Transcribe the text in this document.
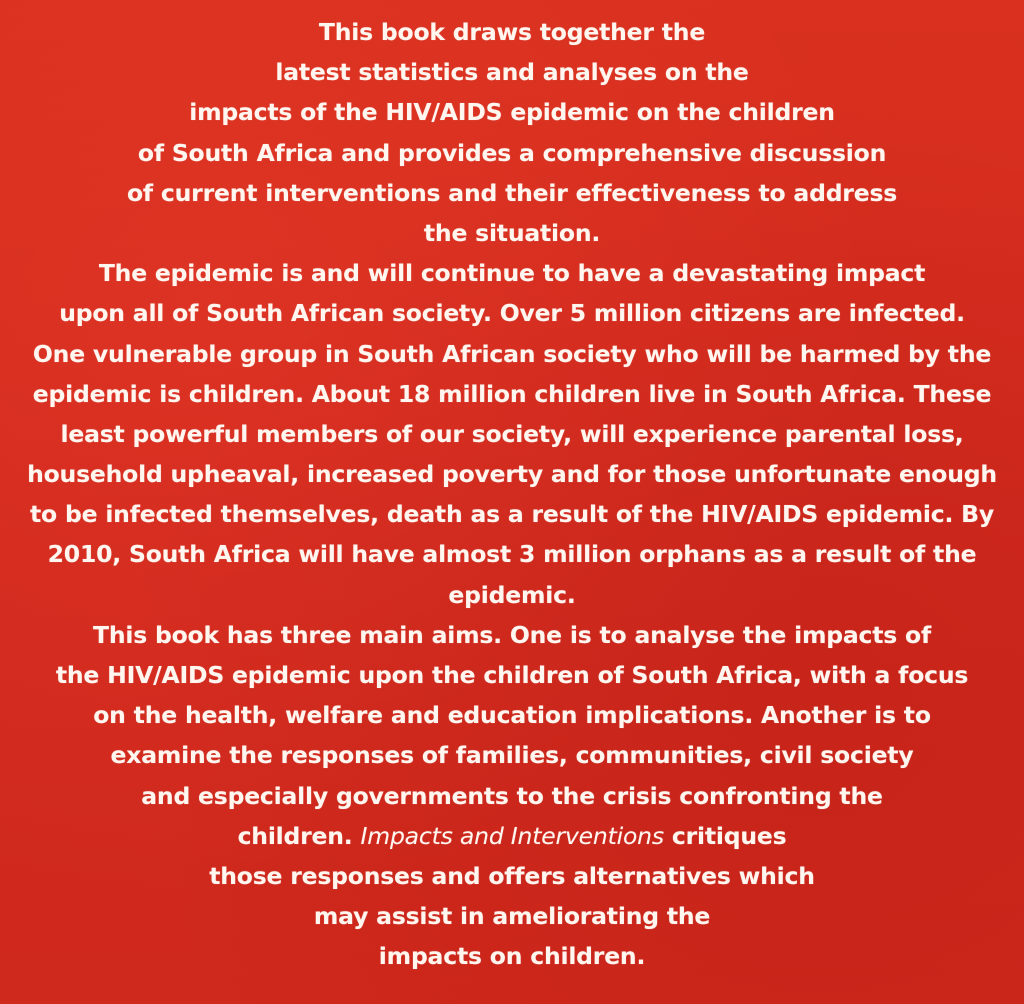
This book draws together the
latest statistics and analyses on the
impacts of the HIV/AIDS epidemic on the children
of South Africa and provides a comprehensive discussion
of current interventions and their effectiveness to address
the situation.
The epidemic is and will continue to have a devastating impact
upon all of South African society. Over 5 million citizens are infected.
One vulnerable group in South African society who will be harmed by the
epidemic is children. About 18 million children live in South Africa. These
least powerful members of our society, will experience parental loss,
household upheaval, increased poverty and for those unfortunate enough
to be infected themselves, death as a result of the HIV/AIDS epidemic. By
2010, South Africa will have almost 3 million orphans as a result of the
epidemic.
This book has three main aims. One is to analyse the impacts of
the HIV/AIDS epidemic upon the children of South Africa, with a focus
on the health, welfare and education implications. Another is to
examine the responses of families, communities, civil society
and especially governments to the crisis confronting the
children. Impacts and Interventions critiques
those responses and offers alternatives which
may assist in ameliorating the
impacts on children.
